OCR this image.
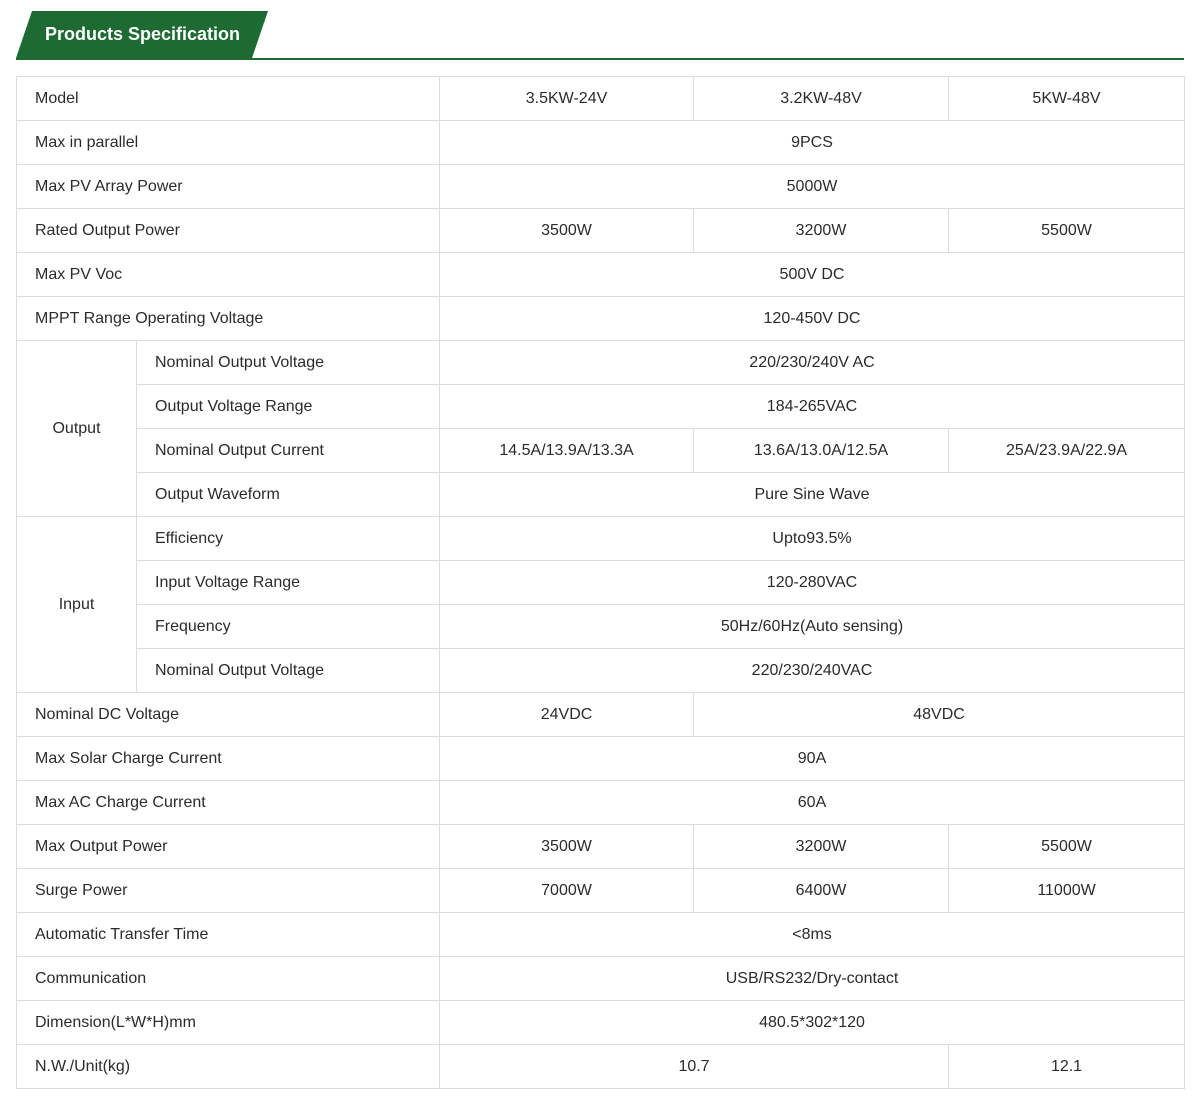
Products Specification
Model		3.5KW-24V	3.2KW-48V	5KW-48V
Max in parallel		9PCS		
Max PV Array Power		5000W		
Rated Output Power		3500W	3200W	5500W
Max PV Voc		500V DC		
MPPT Range Operating Voltage		120-450V DC		
Output	Nominal Output Voltage	220/230/240V AC		
	Output Voltage Range	184-265VAC		
	Nominal Output Current	14.5A/13.9A/13.3A	13.6A/13.0A/12.5A	25A/23.9A/22.9A
	Output Waveform	Pure Sine Wave		
Input	Efficiency	Upto93.5%		
	Input Voltage Range	120-280VAC		
	Frequency	50Hz/60Hz(Auto sensing)		
	Nominal Output Voltage	220/230/240VAC		
Nominal DC Voltage		24VDC	48VDC	
Max Solar Charge Current		90A		
Max AC Charge Current		60A		
Max Output Power		3500W	3200W	5500W
Surge Power		7000W	6400W	11000W
Automatic Transfer Time		<8ms		
Communication		USB/RS232/Dry-contact		
Dimension(L*W*H)mm		480.5*302*120		
N.W./Unit(kg)		10.7		12.1
